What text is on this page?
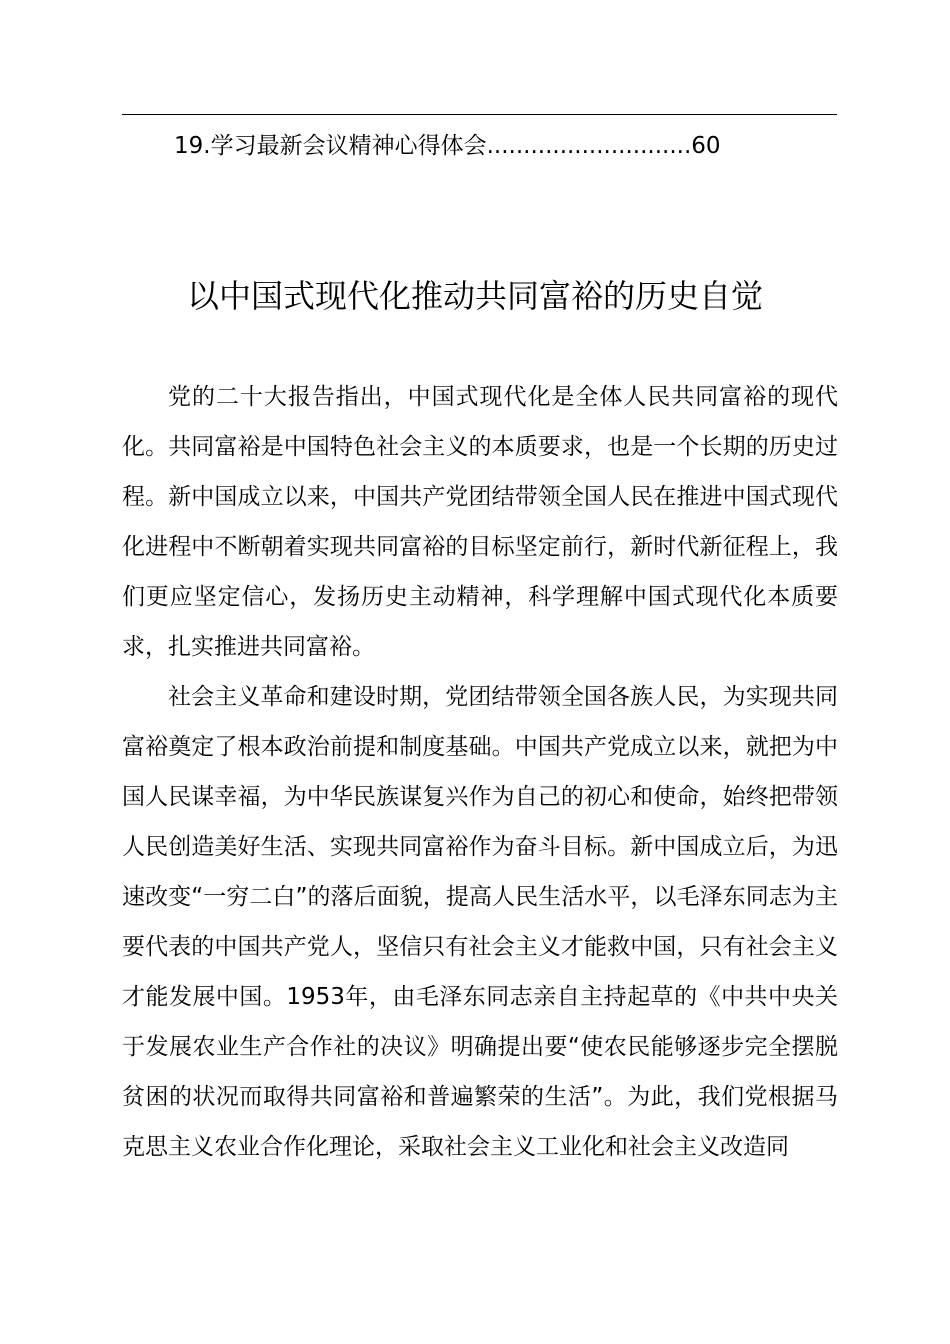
19.学习最新会议精神心得体会............................60
以中国式现代化推动共同富裕的历史自觉

党的二十大报告指出，中国式现代化是全体人民共同富裕的现代化。共同富裕是中国特色社会主义的本质要求，也是一个长期的历史过程。新中国成立以来，中国共产党团结带领全国人民在推进中国式现代化进程中不断朝着实现共同富裕的目标坚定前行，新时代新征程上，我们更应坚定信心，发扬历史主动精神，科学理解中国式现代化本质要求，扎实推进共同富裕。

社会主义革命和建设时期，党团结带领全国各族人民，为实现共同富裕奠定了根本政治前提和制度基础。中国共产党成立以来，就把为中国人民谋幸福，为中华民族谋复兴作为自己的初心和使命，始终把带领人民创造美好生活、实现共同富裕作为奋斗目标。新中国成立后，为迅速改变“一穷二白”的落后面貌，提高人民生活水平，以毛泽东同志为主要代表的中国共产党人，坚信只有社会主义才能救中国，只有社会主义才能发展中国。1953年，由毛泽东同志亲自主持起草的《中共中央关于发展农业生产合作社的决议》明确提出要“使农民能够逐步完全摆脱贫困的状况而取得共同富裕和普遍繁荣的生活”。为此，我们党根据马克思主义农业合作化理论，采取社会主义工业化和社会主义改造同
